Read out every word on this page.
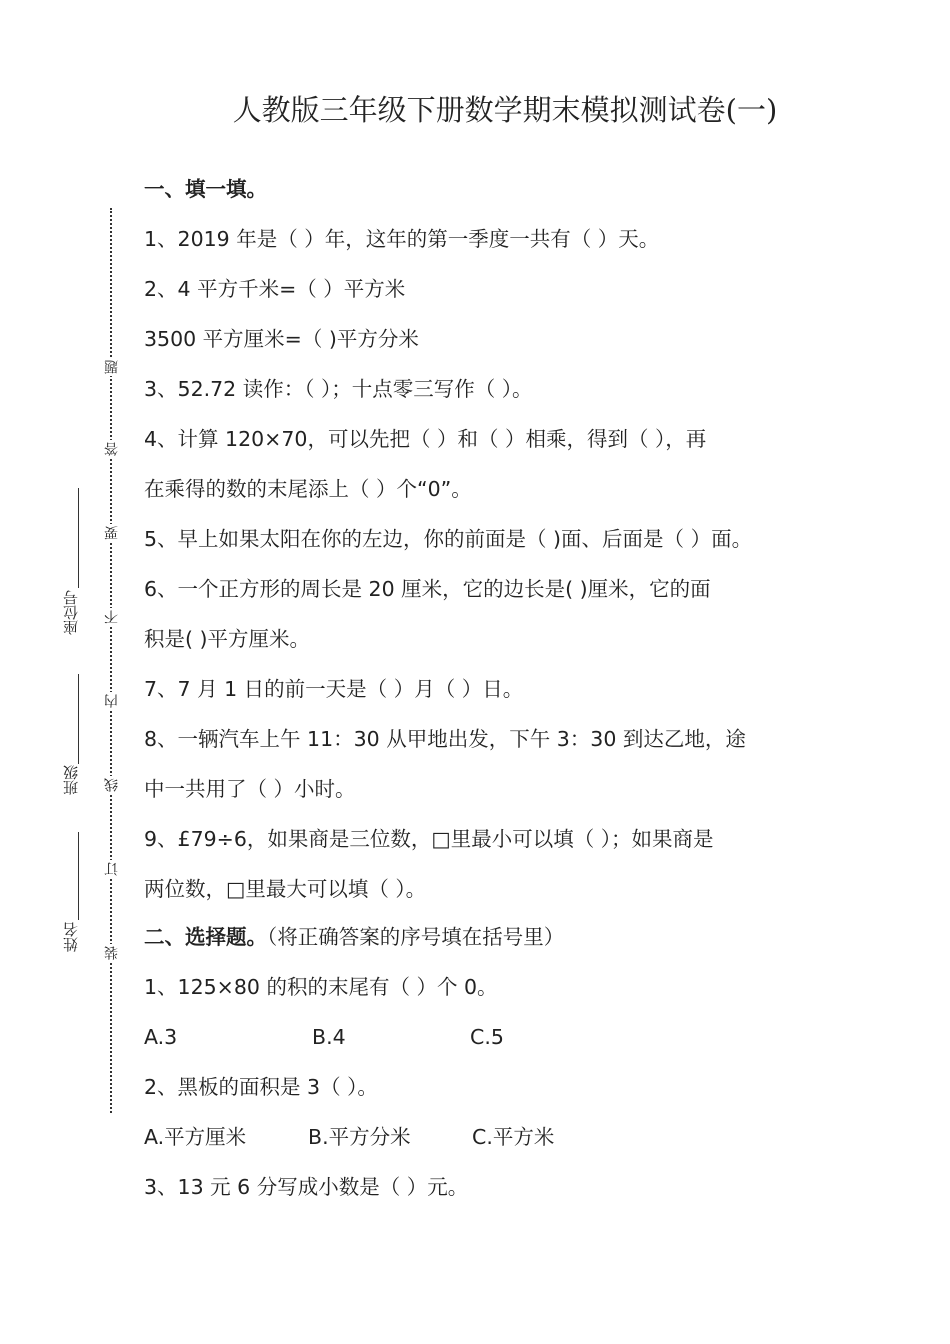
人教版三年级下册数学期末模拟测试卷(一)
题
答
要
不
内
线
订
装
座位号
班级
姓名
一、填一填。
1、2019 年是（ ）年，这年的第一季度一共有（ ）天。
2、4 平方千米=（ ）平方米
3500 平方厘米=（ )平方分米
3、52.72 读作：（ ）；十点零三写作（ ）。
4、计算 120×70，可以先把（ ）和（ ）相乘，得到（ ），再
在乘得的数的末尾添上（ ）个“0”。
5、早上如果太阳在你的左边，你的前面是（ )面、后面是（ ）面。
6、一个正方形的周长是 20 厘米，它的边长是( )厘米，它的面
积是( )平方厘米。
7、7 月 1 日的前一天是（ ）月（ ）日。
8、一辆汽车上午 11：30 从甲地出发，下午 3：30 到达乙地，途
中一共用了（ ）小时。
9、£79÷6，如果商是三位数，□里最小可以填（ ）；如果商是
两位数，□里最大可以填（ ）。
二、选择题。（将正确答案的序号填在括号里）
1、125×80 的积的末尾有（ ）个 0。
A.3	B.4	C.5
2、黑板的面积是 3（ ）。
A.平方厘米	B.平方分米	C.平方米
3、13 元 6 分写成小数是（ ）元。
